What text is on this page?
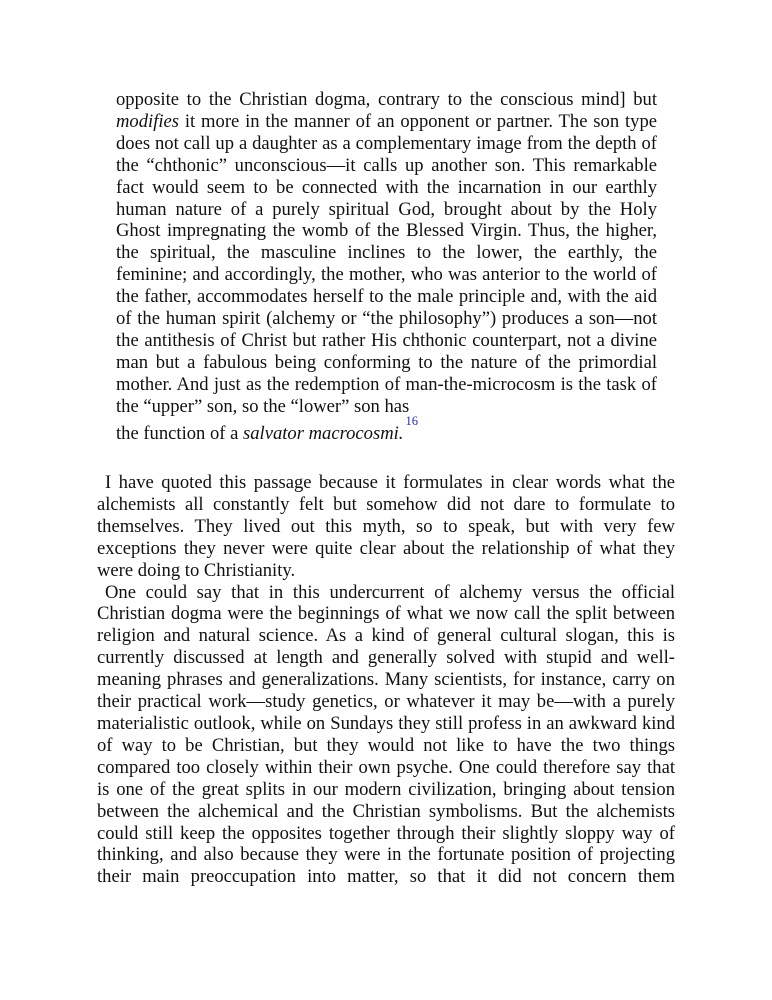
opposite to the Christian dogma, contrary to the conscious mind] but modifies it more in the manner of an opponent or partner. The son type does not call up a daughter as a complementary image from the depth of the “chthonic” unconscious—it calls up another son. This remarkable fact would seem to be connected with the incarnation in our earthly human nature of a purely spiritual God, brought about by the Holy Ghost impregnating the womb of the Blessed Virgin. Thus, the higher, the spiritual, the masculine inclines to the lower, the earthly, the feminine; and accordingly, the mother, who was anterior to the world of the father, accommodates herself to the male principle and, with the aid of the human spirit (alchemy or “the philosophy”) produces a son—not the antithesis of Christ but rather His chthonic counterpart, not a divine man but a fabulous being conforming to the nature of the primordial mother. And just as the redemption of man-the-microcosm is the task of the “upper” son, so the “lower” son has
the function of a salvator macrocosmi.$^{16}$

I have quoted this passage because it formulates in clear words what the alchemists all constantly felt but somehow did not dare to formulate to themselves. They lived out this myth, so to speak, but with very few exceptions they never were quite clear about the relationship of what they were doing to Christianity.

One could say that in this undercurrent of alchemy versus the official Christian dogma were the beginnings of what we now call the split between religion and natural science. As a kind of general cultural slogan, this is currently discussed at length and generally solved with stupid and well-meaning phrases and generalizations. Many scientists, for instance, carry on their practical work—study genetics, or whatever it may be—with a purely materialistic outlook, while on Sundays they still profess in an awkward kind of way to be Christian, but they would not like to have the two things compared too closely within their own psyche. One could therefore say that is one of the great splits in our modern civilization, bringing about tension between the alchemical and the Christian symbolisms. But the alchemists could still keep the opposites together through their slightly sloppy way of thinking, and also because they were in the fortunate position of projecting their main preoccupation into matter, so that it did not concern them
